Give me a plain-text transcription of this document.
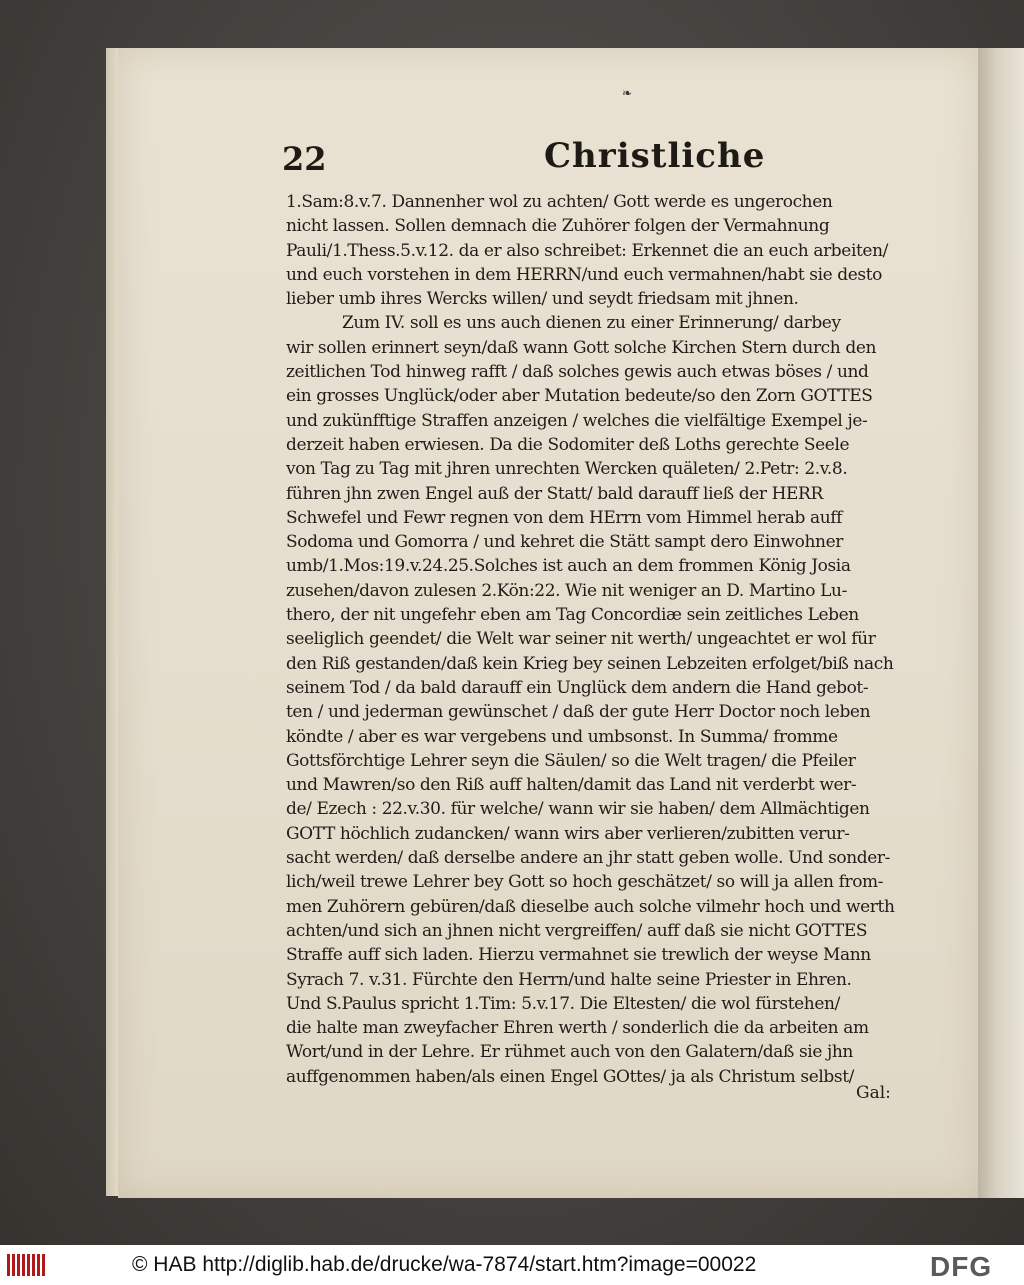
❧
22	Christliche
1.Sam:8.v.7. Dannenher wol zu achten/ Gott werde es ungerochen
nicht lassen. Sollen demnach die Zuhörer folgen der Vermahnung
Pauli/1.Thess.5.v.12. da er also schreibet: Erkennet die an euch arbeiten/
und euch vorstehen in dem HERRN/und euch vermahnen/habt sie desto
lieber umb ihres Wercks willen/ und seydt friedsam mit jhnen.
Zum IV. soll es uns auch dienen zu einer Erinnerung/ darbey
wir sollen erinnert seyn/daß wann Gott solche Kirchen Stern durch den
zeitlichen Tod hinweg rafft / daß solches gewis auch etwas böses / und
ein grosses Unglück/oder aber Mutation bedeute/so den Zorn GOTTES
und zukünfftige Straffen anzeigen / welches die vielfältige Exempel je-
derzeit haben erwiesen. Da die Sodomiter deß Loths gerechte Seele
von Tag zu Tag mit jhren unrechten Wercken quäleten/ 2.Petr: 2.v.8.
führen jhn zwen Engel auß der Statt/ bald darauff ließ der HERR
Schwefel und Fewr regnen von dem HErrn vom Himmel herab auff
Sodoma und Gomorra / und kehret die Stätt sampt dero Einwohner
umb/1.Mos:19.v.24.25.Solches ist auch an dem frommen König Josia
zusehen/davon zulesen 2.Kön:22. Wie nit weniger an D. Martino Lu-
thero, der nit ungefehr eben am Tag Concordiæ sein zeitliches Leben
seeliglich geendet/ die Welt war seiner nit werth/ ungeachtet er wol für
den Riß gestanden/daß kein Krieg bey seinen Lebzeiten erfolget/biß nach
seinem Tod / da bald darauff ein Unglück dem andern die Hand gebot-
ten / und jederman gewünschet / daß der gute Herr Doctor noch leben
köndte / aber es war vergebens und umbsonst. In Summa/ fromme
Gottsförchtige Lehrer seyn die Säulen/ so die Welt tragen/ die Pfeiler
und Mawren/so den Riß auff halten/damit das Land nit verderbt wer-
de/ Ezech : 22.v.30. für welche/ wann wir sie haben/ dem Allmächtigen
GOTT höchlich zudancken/ wann wirs aber verlieren/zubitten verur-
sacht werden/ daß derselbe andere an jhr statt geben wolle. Und sonder-
lich/weil trewe Lehrer bey Gott so hoch geschätzet/ so will ja allen from-
men Zuhörern gebüren/daß dieselbe auch solche vilmehr hoch und werth
achten/und sich an jhnen nicht vergreiffen/ auff daß sie nicht GOTTES
Straffe auff sich laden. Hierzu vermahnet sie trewlich der weyse Mann
Syrach 7. v.31. Fürchte den Herrn/und halte seine Priester in Ehren.
Und S.Paulus spricht 1.Tim: 5.v.17. Die Eltesten/ die wol fürstehen/
die halte man zweyfacher Ehren werth / sonderlich die da arbeiten am
Wort/und in der Lehre. Er rühmet auch von den Galatern/daß sie jhn
auffgenommen haben/als einen Engel GOttes/ ja als Christum selbst/
Gal:
© HAB http://diglib.hab.de/drucke/wa-7874/start.htm?image=00022	DFG
